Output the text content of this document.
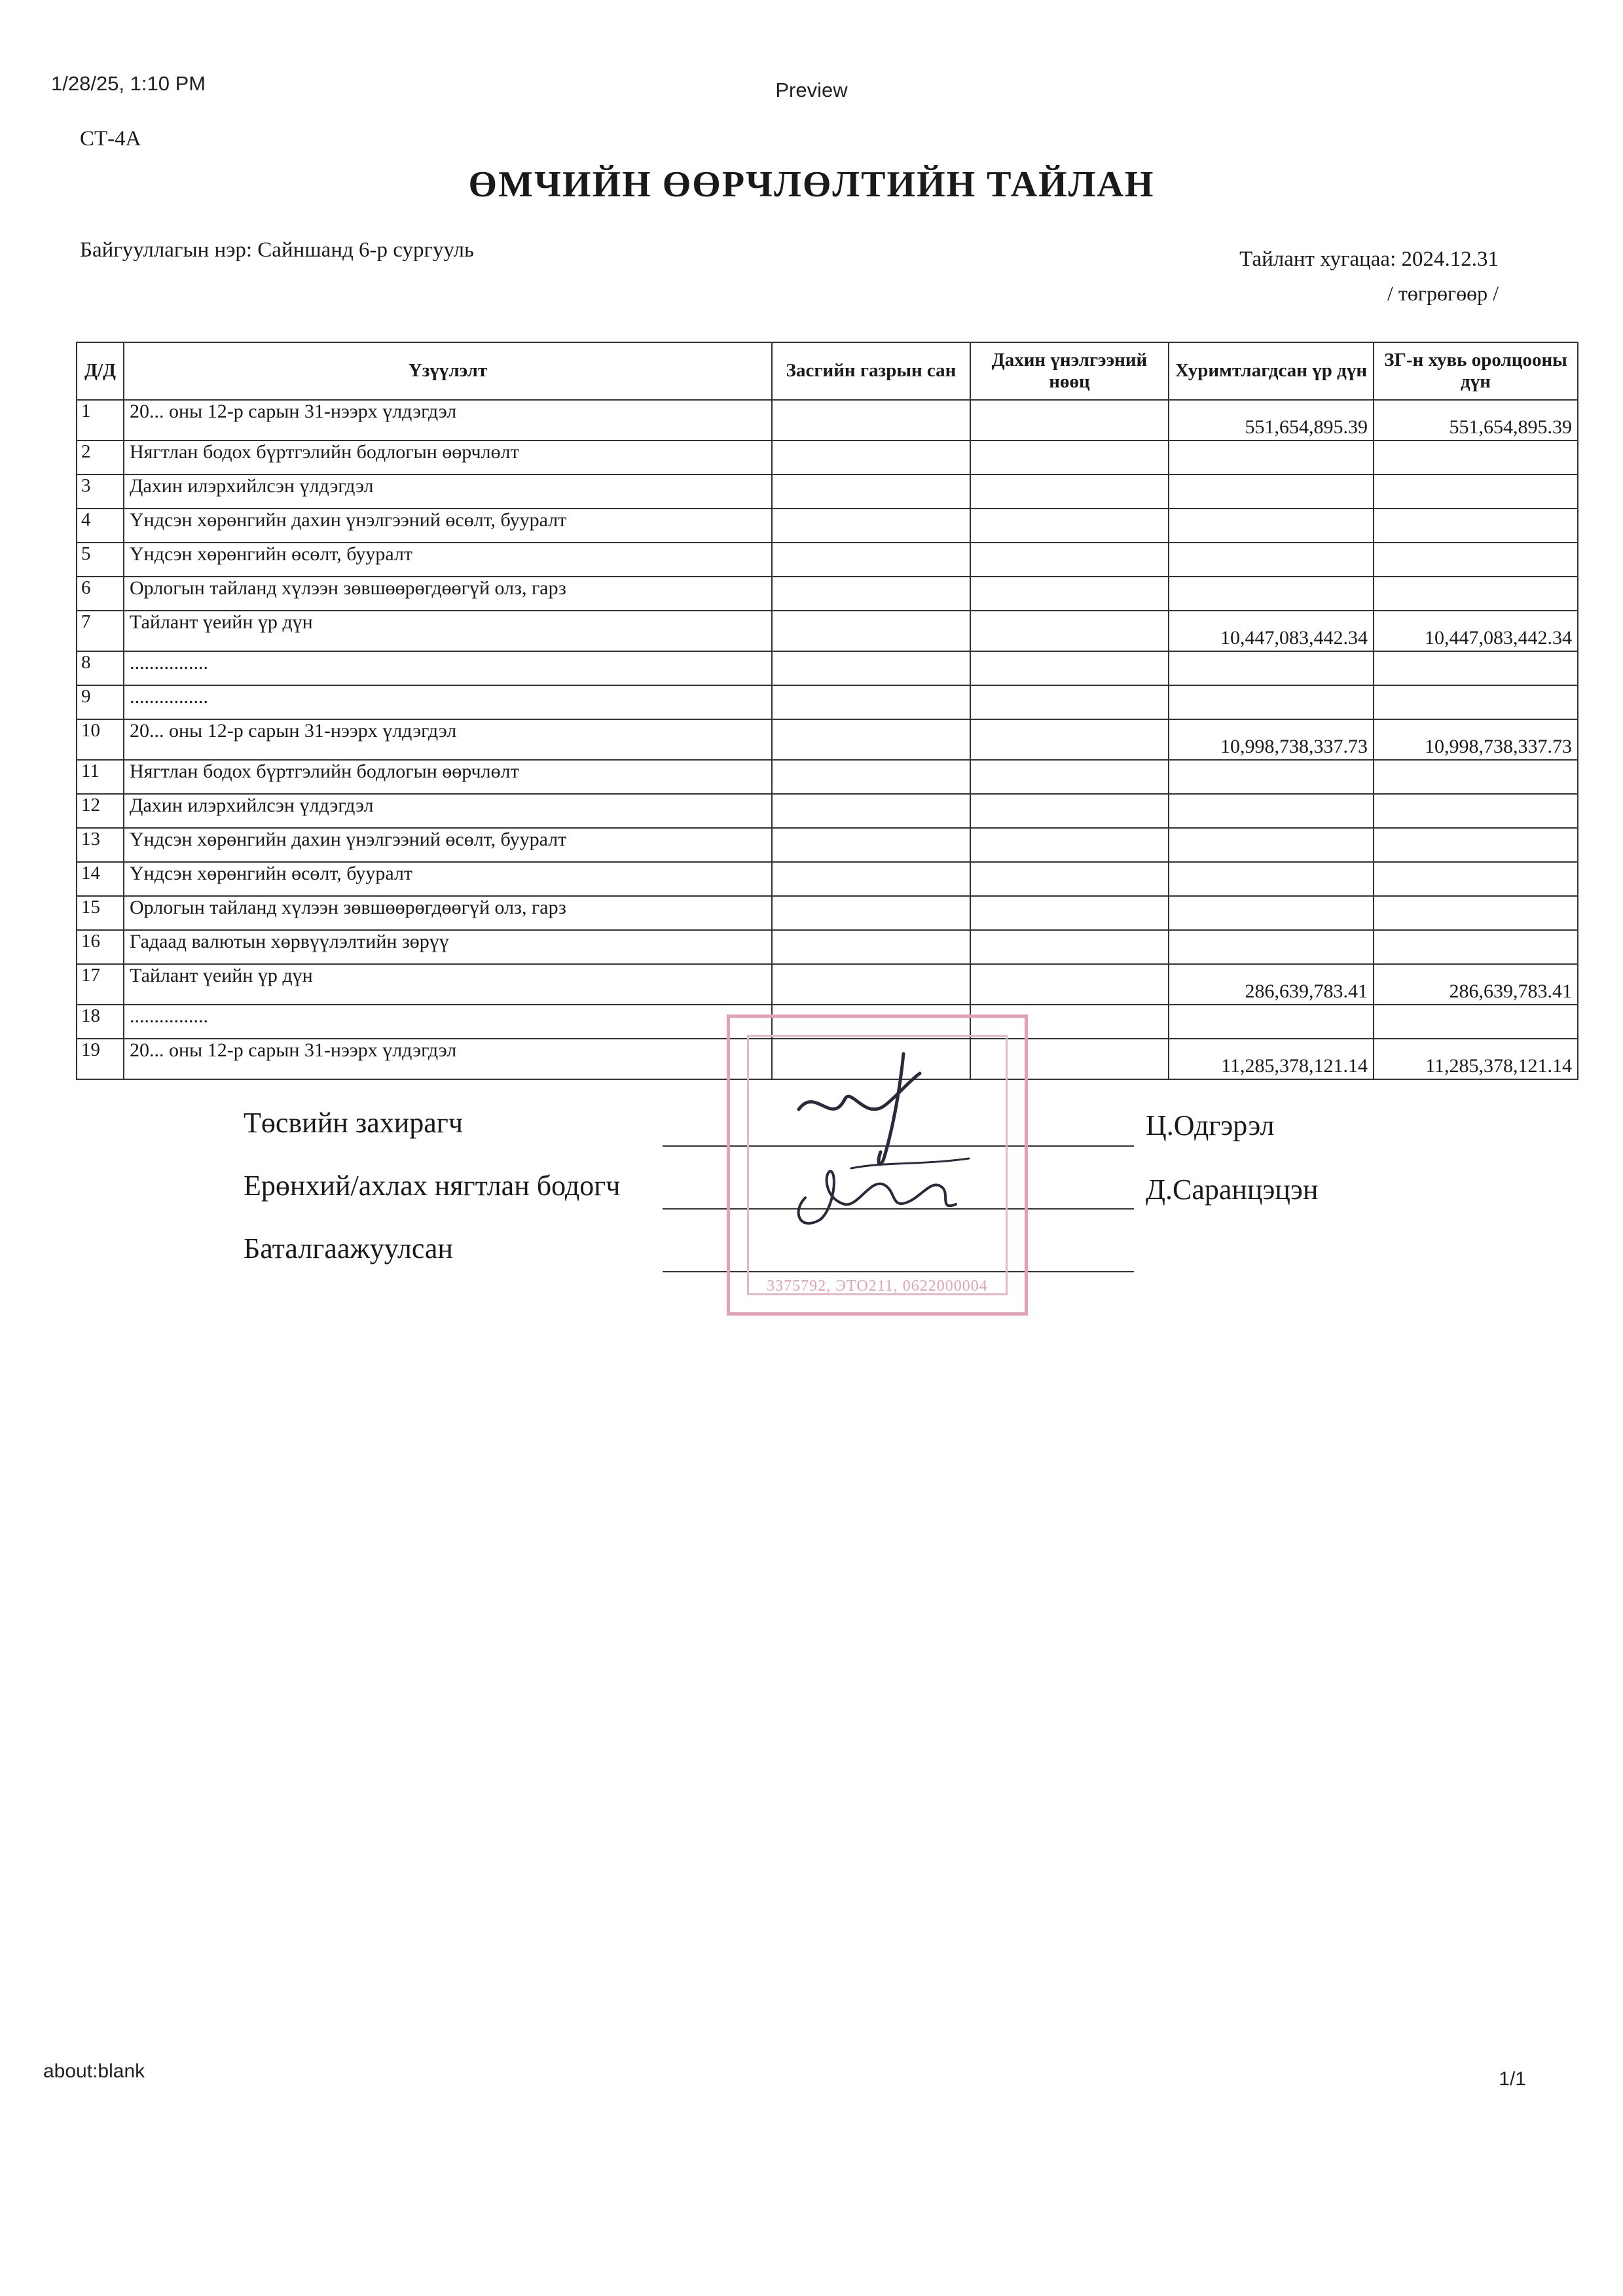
1/28/25, 1:10 PM	Preview
СТ-4А
ӨМЧИЙН ӨӨРЧЛӨЛТИЙН ТАЙЛАН
Байгууллагын нэр: Сайншанд 6-р сургууль	Тайлант хугацаа: 2024.12.31
/ төгрөгөөр /
Д/Д	Үзүүлэлт	Засгийн газрын сан	Дахин үнэлгээний нөөц	Хуримтлагдсан үр дүн	ЗГ-н хувь оролцооны дүн
1	20... оны 12-р сарын 31-нээрх үлдэгдэл			551,654,895.39	551,654,895.39
2	Нягтлан бодох бүртгэлийн бодлогын өөрчлөлт				
3	Дахин илэрхийлсэн үлдэгдэл				
4	Үндсэн хөрөнгийн дахин үнэлгээний өсөлт, бууралт				
5	Үндсэн хөрөнгийн өсөлт, бууралт				
6	Орлогын тайланд хүлээн зөвшөөрөгдөөгүй олз, гарз				
7	Тайлант үеийн үр дүн			10,447,083,442.34	10,447,083,442.34
8	................				
9	................				
10	20... оны 12-р сарын 31-нээрх үлдэгдэл			10,998,738,337.73	10,998,738,337.73
11	Нягтлан бодох бүртгэлийн бодлогын өөрчлөлт				
12	Дахин илэрхийлсэн үлдэгдэл				
13	Үндсэн хөрөнгийн дахин үнэлгээний өсөлт, бууралт				
14	Үндсэн хөрөнгийн өсөлт, бууралт				
15	Орлогын тайланд хүлээн зөвшөөрөгдөөгүй олз, гарз				
16	Гадаад валютын хөрвүүлэлтийн зөрүү				
17	Тайлант үеийн үр дүн			286,639,783.41	286,639,783.41
18	................				
19	20... оны 12-р сарын 31-нээрх үлдэгдэл			11,285,378,121.14	11,285,378,121.14
Төсвийн захирагч	Ц.Одгэрэл
Ерөнхий/ахлах нягтлан бодогч	Д.Саранцэцэн
Баталгаажуулсан
3375792, ЭТО211, 0622000004
about:blank	1/1
